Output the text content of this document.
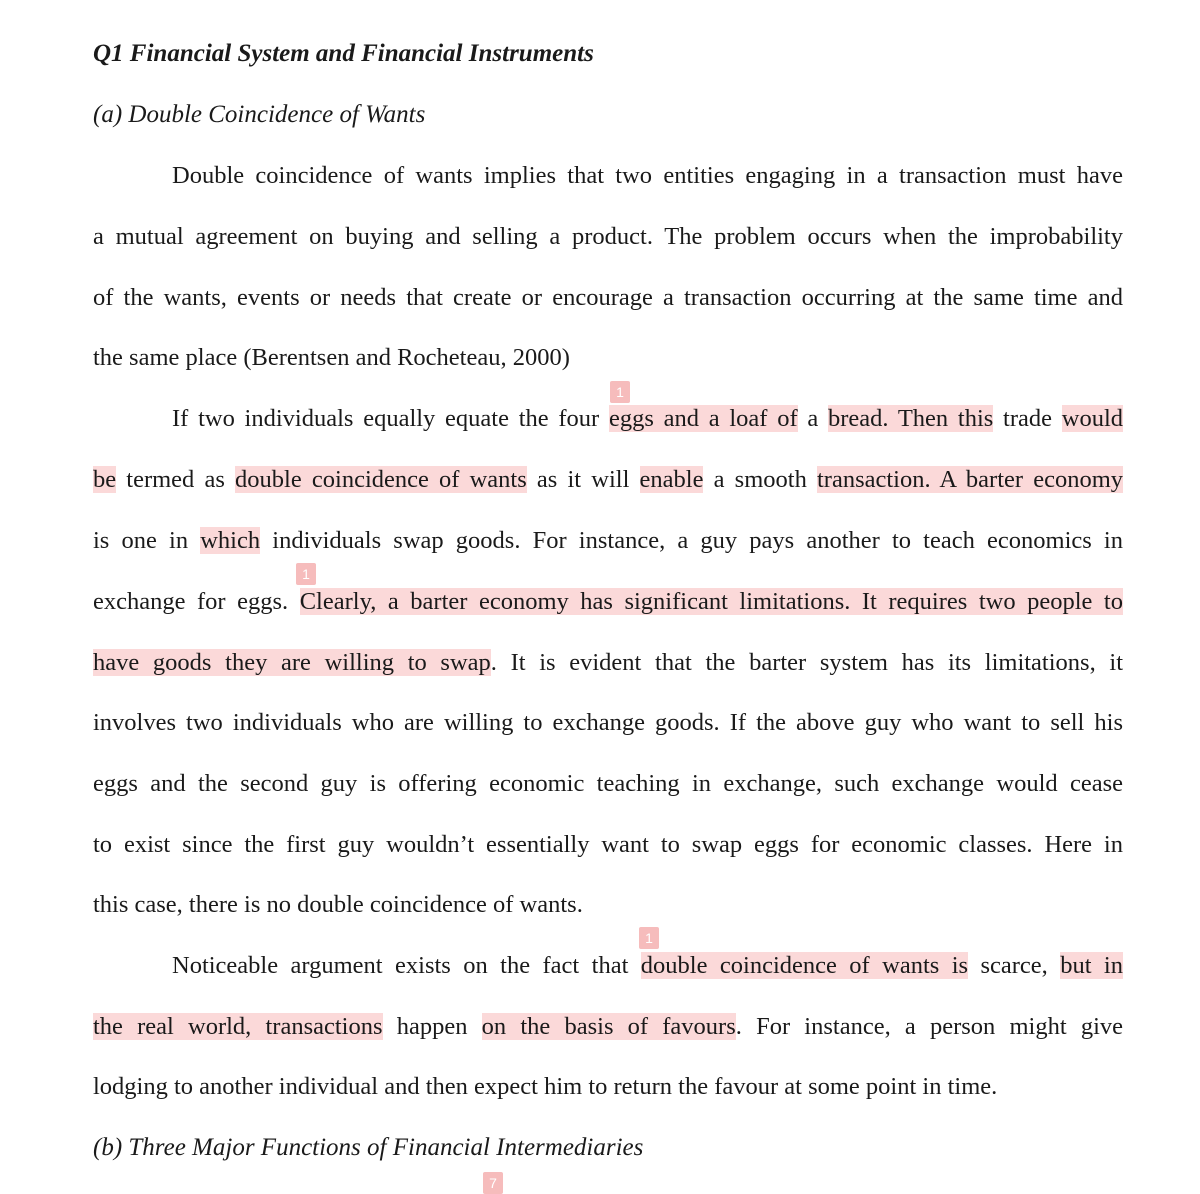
Q1 Financial System and Financial Instruments
(a) Double Coincidence of Wants
Double coincidence of wants implies that two entities engaging in a transaction must have
a mutual agreement on buying and selling a product. The problem occurs when the improbability
of the wants, events or needs that create or encourage a transaction occurring at the same time and
the same place (Berentsen and Rocheteau, 2000)
1
If two individuals equally equate the four eggs and a loaf of a bread. Then this trade would
be termed as double coincidence of wants as it will enable a smooth transaction. A barter economy
is one in which individuals swap goods. For instance, a guy pays another to teach economics in
1
exchange for eggs. Clearly, a barter economy has significant limitations. It requires two people to
have goods they are willing to swap. It is evident that the barter system has its limitations, it
involves two individuals who are willing to exchange goods. If the above guy who want to sell his
eggs and the second guy is offering economic teaching in exchange, such exchange would cease
to exist since the first guy wouldn’t essentially want to swap eggs for economic classes. Here in
this case, there is no double coincidence of wants.
1
Noticeable argument exists on the fact that double coincidence of wants is scarce, but in
the real world, transactions happen on the basis of favours. For instance, a person might give
lodging to another individual and then expect him to return the favour at some point in time.
(b) Three Major Functions of Financial Intermediaries
7
